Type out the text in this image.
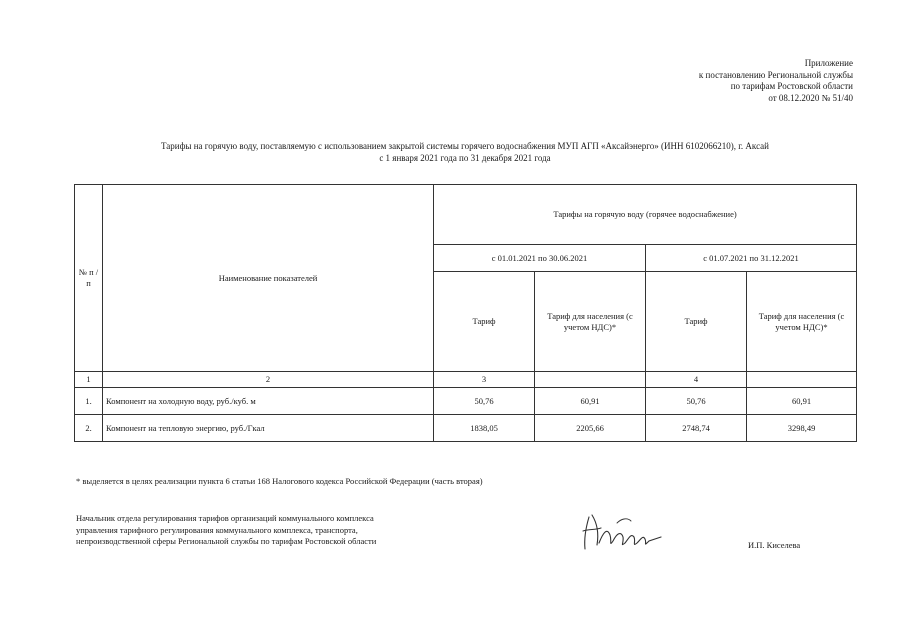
Приложение
к постановлению Региональной службы
по тарифам Ростовской области
от 08.12.2020 № 51/40
Тарифы на горячую воду, поставляемую с использованием закрытой системы горячего водоснабжения МУП АГП «Аксайэнерго» (ИНН 6102066210), г. Аксай
с 1 января 2021 года по 31 декабря 2021 года
№ п /п	Наименование показателей	Тарифы на горячую воду (горячее водоснабжение)			
		с 01.01.2021 по 30.06.2021		с 01.07.2021 по 31.12.2021	
		Тариф	Тариф для населения (с учетом НДС)*	Тариф	Тариф для населения (с учетом НДС)*
1	2	3		4	
1.	Компонент на холодную воду, руб./куб. м	50,76	60,91	50,76	60,91
2.	Компонент на тепловую энергию, руб./Гкал	1838,05	2205,66	2748,74	3298,49
* выделяется в целях реализации пункта 6 статьи 168 Налогового кодекса Российской Федерации (часть вторая)
Начальник отдела регулирования тарифов организаций коммунального комплекса
управления тарифного регулирования коммунального комплекса, транспорта,
непроизводственной сферы Региональной службы по тарифам Ростовской области	И.П. Киселева
